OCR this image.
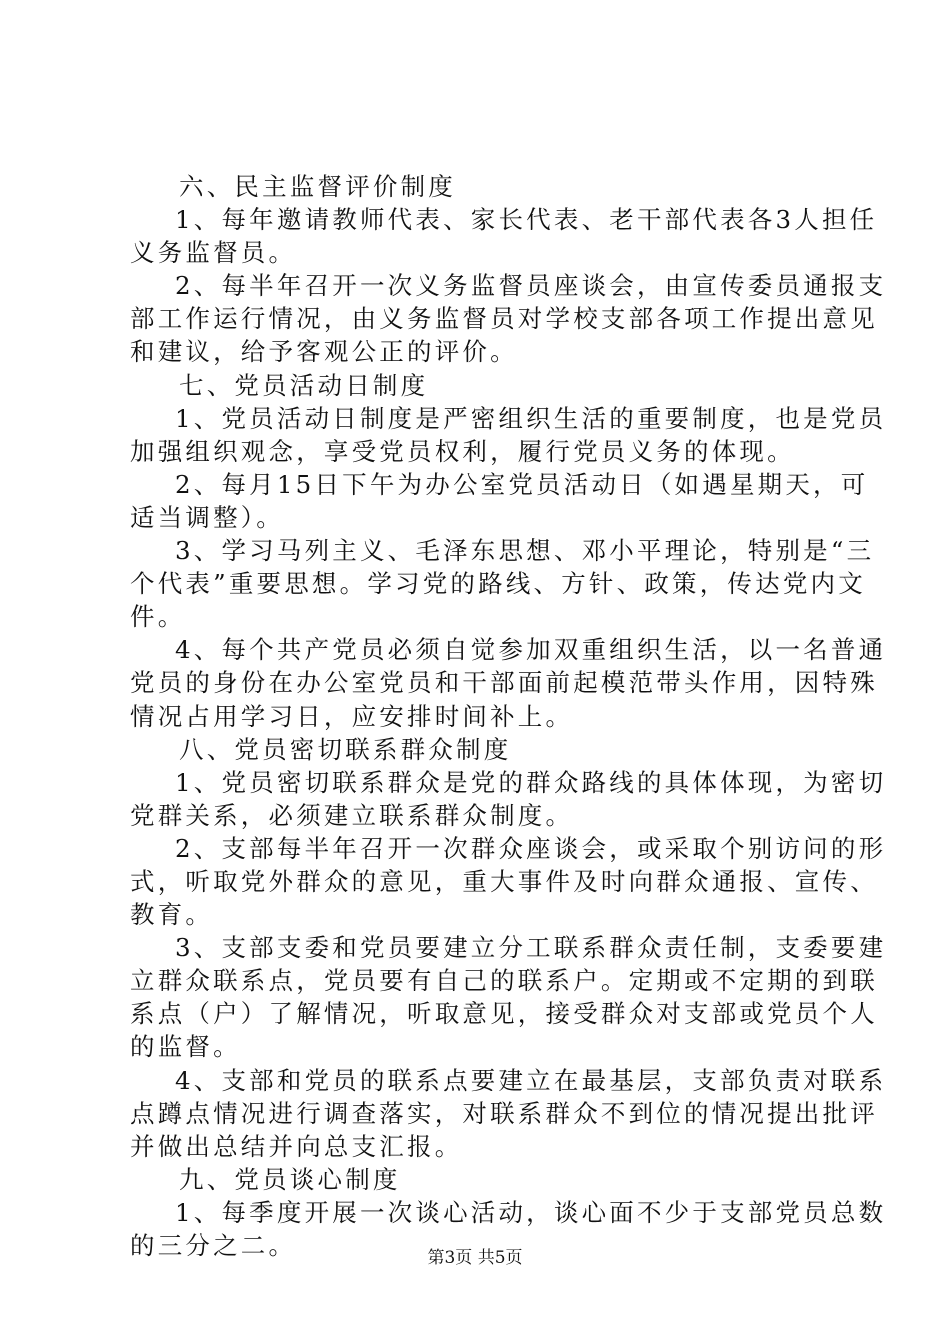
六、民主监督评价制度
1、每年邀请教师代表、家长代表、老干部代表各3人担任
义务监督员。
2、每半年召开一次义务监督员座谈会，由宣传委员通报支
部工作运行情况，由义务监督员对学校支部各项工作提出意见
和建议，给予客观公正的评价。
七、党员活动日制度
1、党员活动日制度是严密组织生活的重要制度，也是党员
加强组织观念，享受党员权利，履行党员义务的体现。
2、每月15日下午为办公室党员活动日（如遇星期天，可
适当调整）。
3、学习马列主义、毛泽东思想、邓小平理论，特别是“三
个代表”重要思想。学习党的路线、方针、政策，传达党内文
件。
4、每个共产党员必须自觉参加双重组织生活，以一名普通
党员的身份在办公室党员和干部面前起模范带头作用，因特殊
情况占用学习日，应安排时间补上。
八、党员密切联系群众制度
1、党员密切联系群众是党的群众路线的具体体现，为密切
党群关系，必须建立联系群众制度。
2、支部每半年召开一次群众座谈会，或采取个别访问的形
式，听取党外群众的意见，重大事件及时向群众通报、宣传、
教育。
3、支部支委和党员要建立分工联系群众责任制，支委要建
立群众联系点，党员要有自己的联系户。定期或不定期的到联
系点（户）了解情况，听取意见，接受群众对支部或党员个人
的监督。
4、支部和党员的联系点要建立在最基层，支部负责对联系
点蹲点情况进行调查落实，对联系群众不到位的情况提出批评
并做出总结并向总支汇报。
九、党员谈心制度
1、每季度开展一次谈心活动，谈心面不少于支部党员总数
的三分之二。	第3页 共5页
